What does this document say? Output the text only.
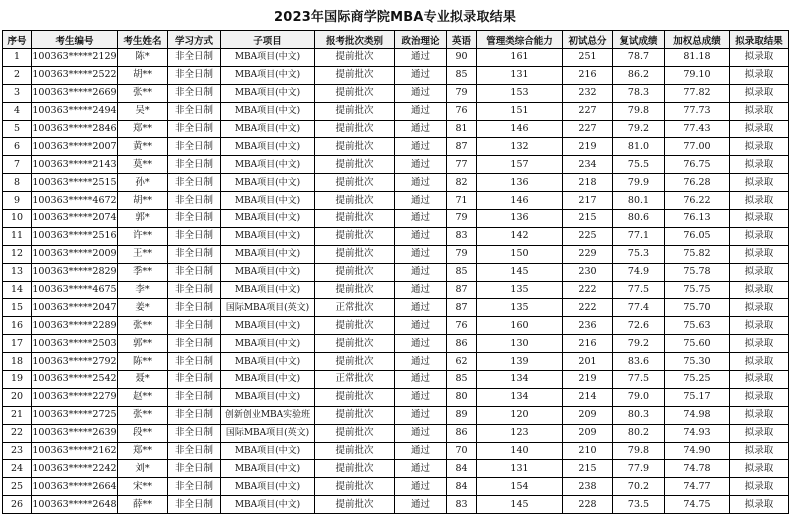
2023年国际商学院MBA专业拟录取结果
序号	考生编号	考生姓名	学习方式	子项目	报考批次类别	政治理论	英语	管理类综合能力	初试总分	复试成绩	加权总成绩	拟录取结果
1	100363*****2129	陈*	非全日制	MBA项目(中文)	提前批次	通过	90	161	251	78.7	81.18	拟录取
2	100363*****2522	胡**	非全日制	MBA项目(中文)	提前批次	通过	85	131	216	86.2	79.10	拟录取
3	100363*****2669	张**	非全日制	MBA项目(中文)	提前批次	通过	79	153	232	78.3	77.82	拟录取
4	100363*****2494	吴*	非全日制	MBA项目(中文)	提前批次	通过	76	151	227	79.8	77.73	拟录取
5	100363*****2846	郑**	非全日制	MBA项目(中文)	提前批次	通过	81	146	227	79.2	77.43	拟录取
6	100363*****2007	黄**	非全日制	MBA项目(中文)	提前批次	通过	87	132	219	81.0	77.00	拟录取
7	100363*****2143	莫**	非全日制	MBA项目(中文)	提前批次	通过	77	157	234	75.5	76.75	拟录取
8	100363*****2515	孙*	非全日制	MBA项目(中文)	提前批次	通过	82	136	218	79.9	76.28	拟录取
9	100363*****4672	胡**	非全日制	MBA项目(中文)	提前批次	通过	71	146	217	80.1	76.22	拟录取
10	100363*****2074	郭*	非全日制	MBA项目(中文)	提前批次	通过	79	136	215	80.6	76.13	拟录取
11	100363*****2516	许**	非全日制	MBA项目(中文)	提前批次	通过	83	142	225	77.1	76.05	拟录取
12	100363*****2009	王**	非全日制	MBA项目(中文)	提前批次	通过	79	150	229	75.3	75.82	拟录取
13	100363*****2829	季**	非全日制	MBA项目(中文)	提前批次	通过	85	145	230	74.9	75.78	拟录取
14	100363*****4675	李*	非全日制	MBA项目(中文)	提前批次	通过	87	135	222	77.5	75.75	拟录取
15	100363*****2047	姜*	非全日制	国际MBA项目(英文)	正常批次	通过	87	135	222	77.4	75.70	拟录取
16	100363*****2289	张**	非全日制	MBA项目(中文)	提前批次	通过	76	160	236	72.6	75.63	拟录取
17	100363*****2503	郭**	非全日制	MBA项目(中文)	提前批次	通过	86	130	216	79.2	75.60	拟录取
18	100363*****2792	陈**	非全日制	MBA项目(中文)	提前批次	通过	62	139	201	83.6	75.30	拟录取
19	100363*****2542	聂*	非全日制	MBA项目(中文)	正常批次	通过	85	134	219	77.5	75.25	拟录取
20	100363*****2279	赵**	非全日制	MBA项目(中文)	提前批次	通过	80	134	214	79.0	75.17	拟录取
21	100363*****2725	张**	非全日制	创新创业MBA实验班	提前批次	通过	89	120	209	80.3	74.98	拟录取
22	100363*****2639	段**	非全日制	国际MBA项目(英文)	提前批次	通过	86	123	209	80.2	74.93	拟录取
23	100363*****2162	郑**	非全日制	MBA项目(中文)	提前批次	通过	70	140	210	79.8	74.90	拟录取
24	100363*****2242	刘*	非全日制	MBA项目(中文)	提前批次	通过	84	131	215	77.9	74.78	拟录取
25	100363*****2664	宋**	非全日制	MBA项目(中文)	提前批次	通过	84	154	238	70.2	74.77	拟录取
26	100363*****2648	薛**	非全日制	MBA项目(中文)	提前批次	通过	83	145	228	73.5	74.75	拟录取
